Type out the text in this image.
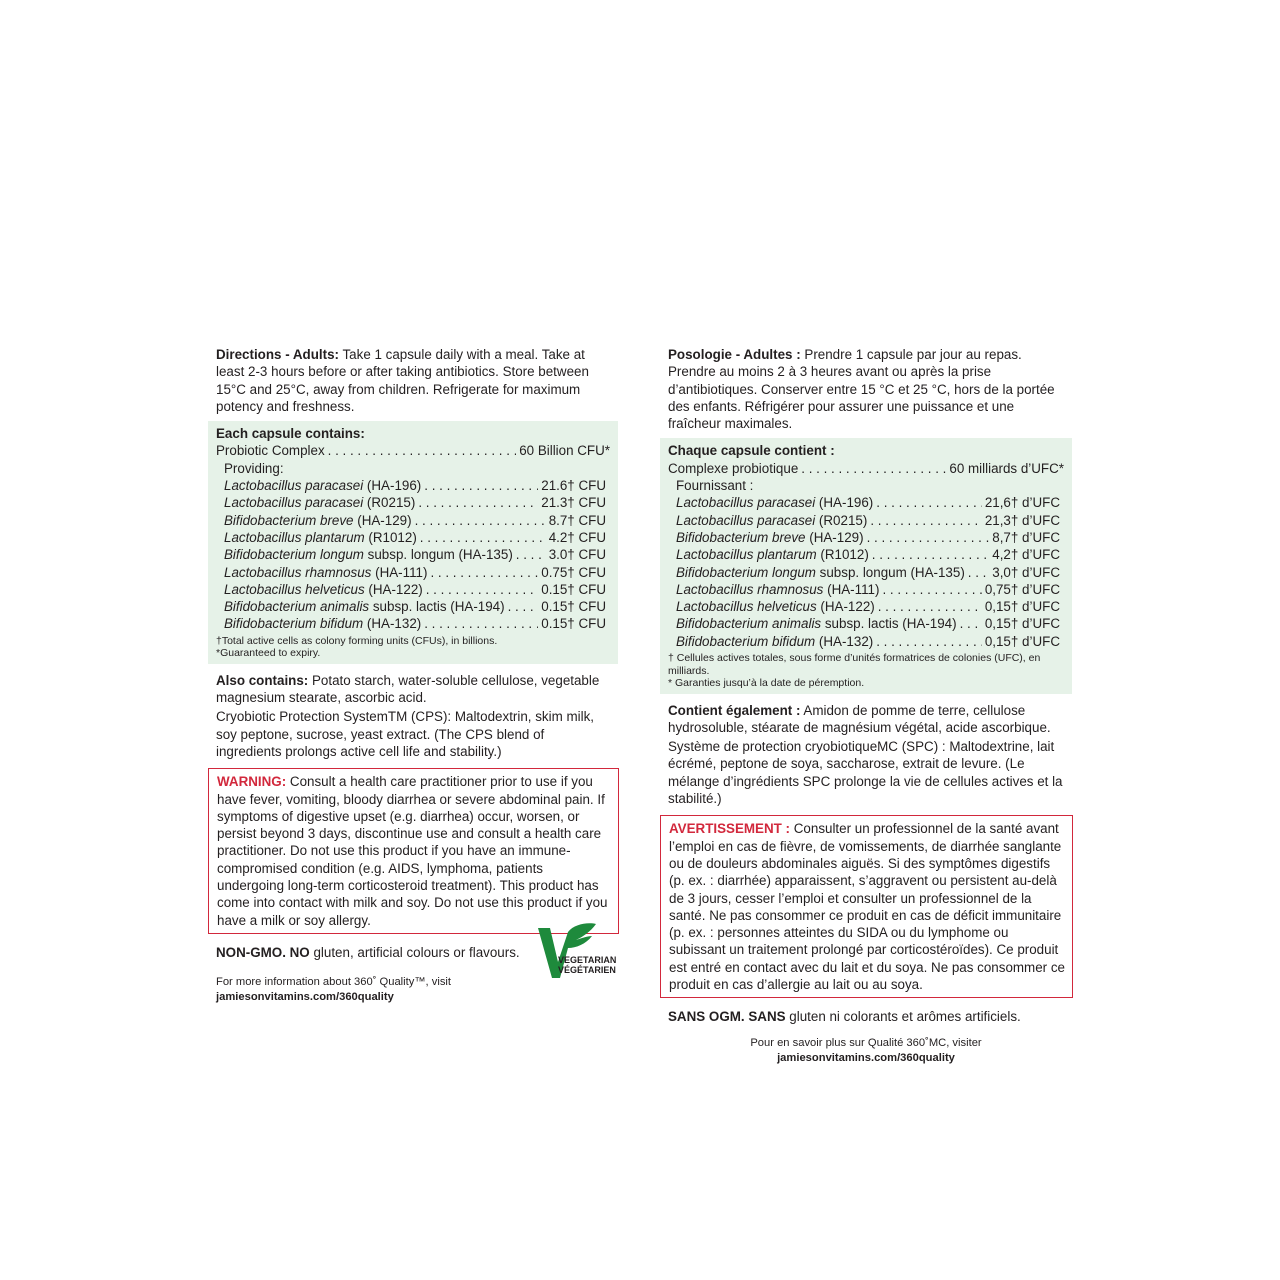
Directions - Adults: Take 1 capsule daily with a meal. Take at least 2-3 hours before or after taking antibiotics. Store between 15°C and 25°C, away from children. Refrigerate for maximum potency and freshness.

Each capsule contains:
Probiotic Complex . . .	60 Billion CFU*
Providing:
Lactobacillus paracasei (HA-196) . . .	21.6† CFU
Lactobacillus paracasei (R0215) . . .	21.3† CFU
Bifidobacterium breve (HA-129) . . .	8.7† CFU
Lactobacillus plantarum (R1012) . . .	4.2† CFU
Bifidobacterium longum subsp. longum (HA-135) . . .	3.0† CFU
Lactobacillus rhamnosus (HA-111) . . .	0.75† CFU
Lactobacillus helveticus (HA-122) . . .	0.15† CFU
Bifidobacterium animalis subsp. lactis (HA-194) . . .	0.15† CFU
Bifidobacterium bifidum (HA-132) . . .	0.15† CFU
†Total active cells as colony forming units (CFUs), in billions.
*Guaranteed to expiry.

Also contains: Potato starch, water-soluble cellulose, vegetable magnesium stearate, ascorbic acid.

Cryobiotic Protection SystemTM (CPS): Maltodextrin, skim milk, soy peptone, sucrose, yeast extract. (The CPS blend of ingredients prolongs active cell life and stability.)

WARNING: Consult a health care practitioner prior to use if you have fever, vomiting, bloody diarrhea or severe abdominal pain. If symptoms of digestive upset (e.g. diarrhea) occur, worsen, or persist beyond 3 days, discontinue use and consult a health care practitioner. Do not use this product if you have an immune-compromised condition (e.g. AIDS, lymphoma, patients undergoing long-term corticosteroid treatment). This product has come into contact with milk and soy. Do not use this product if you have a milk or soy allergy.

NON-GMO. NO gluten, artificial colours or flavours.

For more information about 360˚ Quality™, visit
jamiesonvitamins.com/360quality
VEGETARIAN
VÉGÉTARIEN

Posologie - Adultes : Prendre 1 capsule par jour au repas. Prendre au moins 2 à 3 heures avant ou après la prise d’antibiotiques. Conserver entre 15 °C et 25 °C, hors de la portée des enfants. Réfrigérer pour assurer une puissance et une fraîcheur maximales.

Chaque capsule contient :
Complexe probiotique . . .	60 milliards d’UFC*
Fournissant :
Lactobacillus paracasei (HA-196) . . .	21,6† d’UFC
Lactobacillus paracasei (R0215) . . .	21,3† d’UFC
Bifidobacterium breve (HA-129) . . .	8,7† d’UFC
Lactobacillus plantarum (R1012) . . .	4,2† d’UFC
Bifidobacterium longum subsp. longum (HA-135) . . . 3,0† d’UFC
Lactobacillus rhamnosus (HA-111) . . .	0,75† d’UFC
Lactobacillus helveticus (HA-122) . . .	0,15† d’UFC
Bifidobacterium animalis subsp. lactis (HA-194) . . . 0,15† d’UFC
Bifidobacterium bifidum (HA-132) . . .	0,15† d’UFC
† Cellules actives totales, sous forme d’unités formatrices de colonies (UFC), en milliards.
* Garanties jusqu’à la date de péremption.

Contient également : Amidon de pomme de terre, cellulose hydrosoluble, stéarate de magnésium végétal, acide ascorbique.

Système de protection cryobiotiqueMC (SPC) : Maltodextrine, lait écrémé, peptone de soya, saccharose, extrait de levure. (Le mélange d’ingrédients SPC prolonge la vie de cellules actives et la stabilité.)

AVERTISSEMENT : Consulter un professionnel de la santé avant l’emploi en cas de fièvre, de vomissements, de diarrhée sanglante ou de douleurs abdominales aiguës. Si des symptômes digestifs (p. ex. : diarrhée) apparaissent, s’aggravent ou persistent au-delà de 3 jours, cesser l’emploi et consulter un professionnel de la santé. Ne pas consommer ce produit en cas de déficit immunitaire (p. ex. : personnes atteintes du SIDA ou du lymphome ou subissant un traitement prolongé par corticostéroïdes). Ce produit est entré en contact avec du lait et du soya. Ne pas consommer ce produit en cas d’allergie au lait ou au soya.

SANS OGM. SANS gluten ni colorants et arômes artificiels.

Pour en savoir plus sur Qualité 360˚MC, visiter
jamiesonvitamins.com/360quality
